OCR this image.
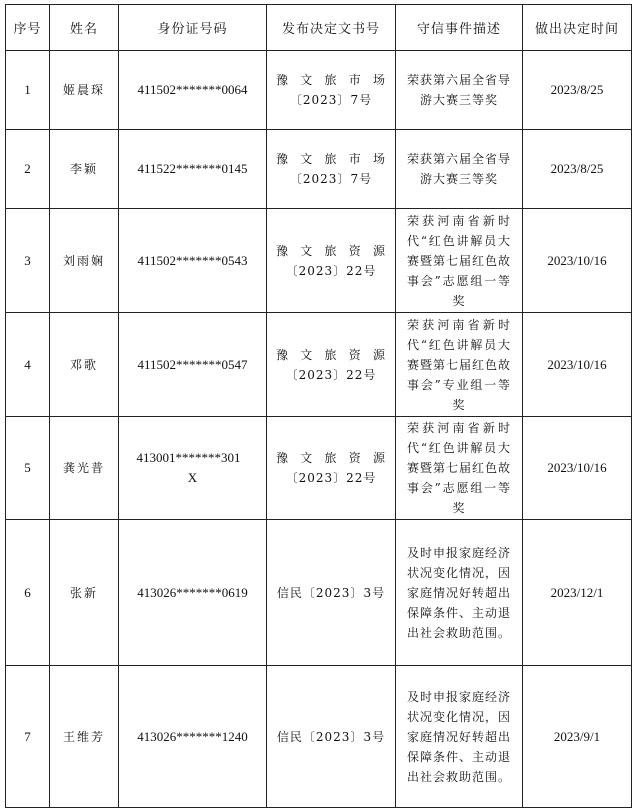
序号	姓名	身份证号码	发布决定文书号	守信事件描述	做出决定时间
1	姬晨琛	411502*******0064	豫文旅市场〔2023〕7号	荣获第六届全省导游大赛三等奖	2023/8/25
2	李颖	411522*******0145	豫文旅市场〔2023〕7号	荣获第六届全省导游大赛三等奖	2023/8/25
3	刘雨娴	411502*******0543	豫文旅资源〔2023〕22号	荣获河南省新时代“红色讲解员大赛暨第七届红色故事会”志愿组一等奖	2023/10/16
4	邓歌	411502*******0547	豫文旅资源〔2023〕22号	荣获河南省新时代“红色讲解员大赛暨第七届红色故事会”专业组一等奖	2023/10/16
5	龚光普	413001*******301X	豫文旅资源〔2023〕22号	荣获河南省新时代“红色讲解员大赛暨第七届红色故事会”志愿组一等奖	2023/10/16
6	张新	413026*******0619	信民〔2023〕3号	及时申报家庭经济状况变化情况，因家庭情况好转超出保障条件、主动退出社会救助范围。	2023/12/1
7	王维芳	413026*******1240	信民〔2023〕3号	及时申报家庭经济状况变化情况，因家庭情况好转超出保障条件、主动退出社会救助范围。	2023/9/1
